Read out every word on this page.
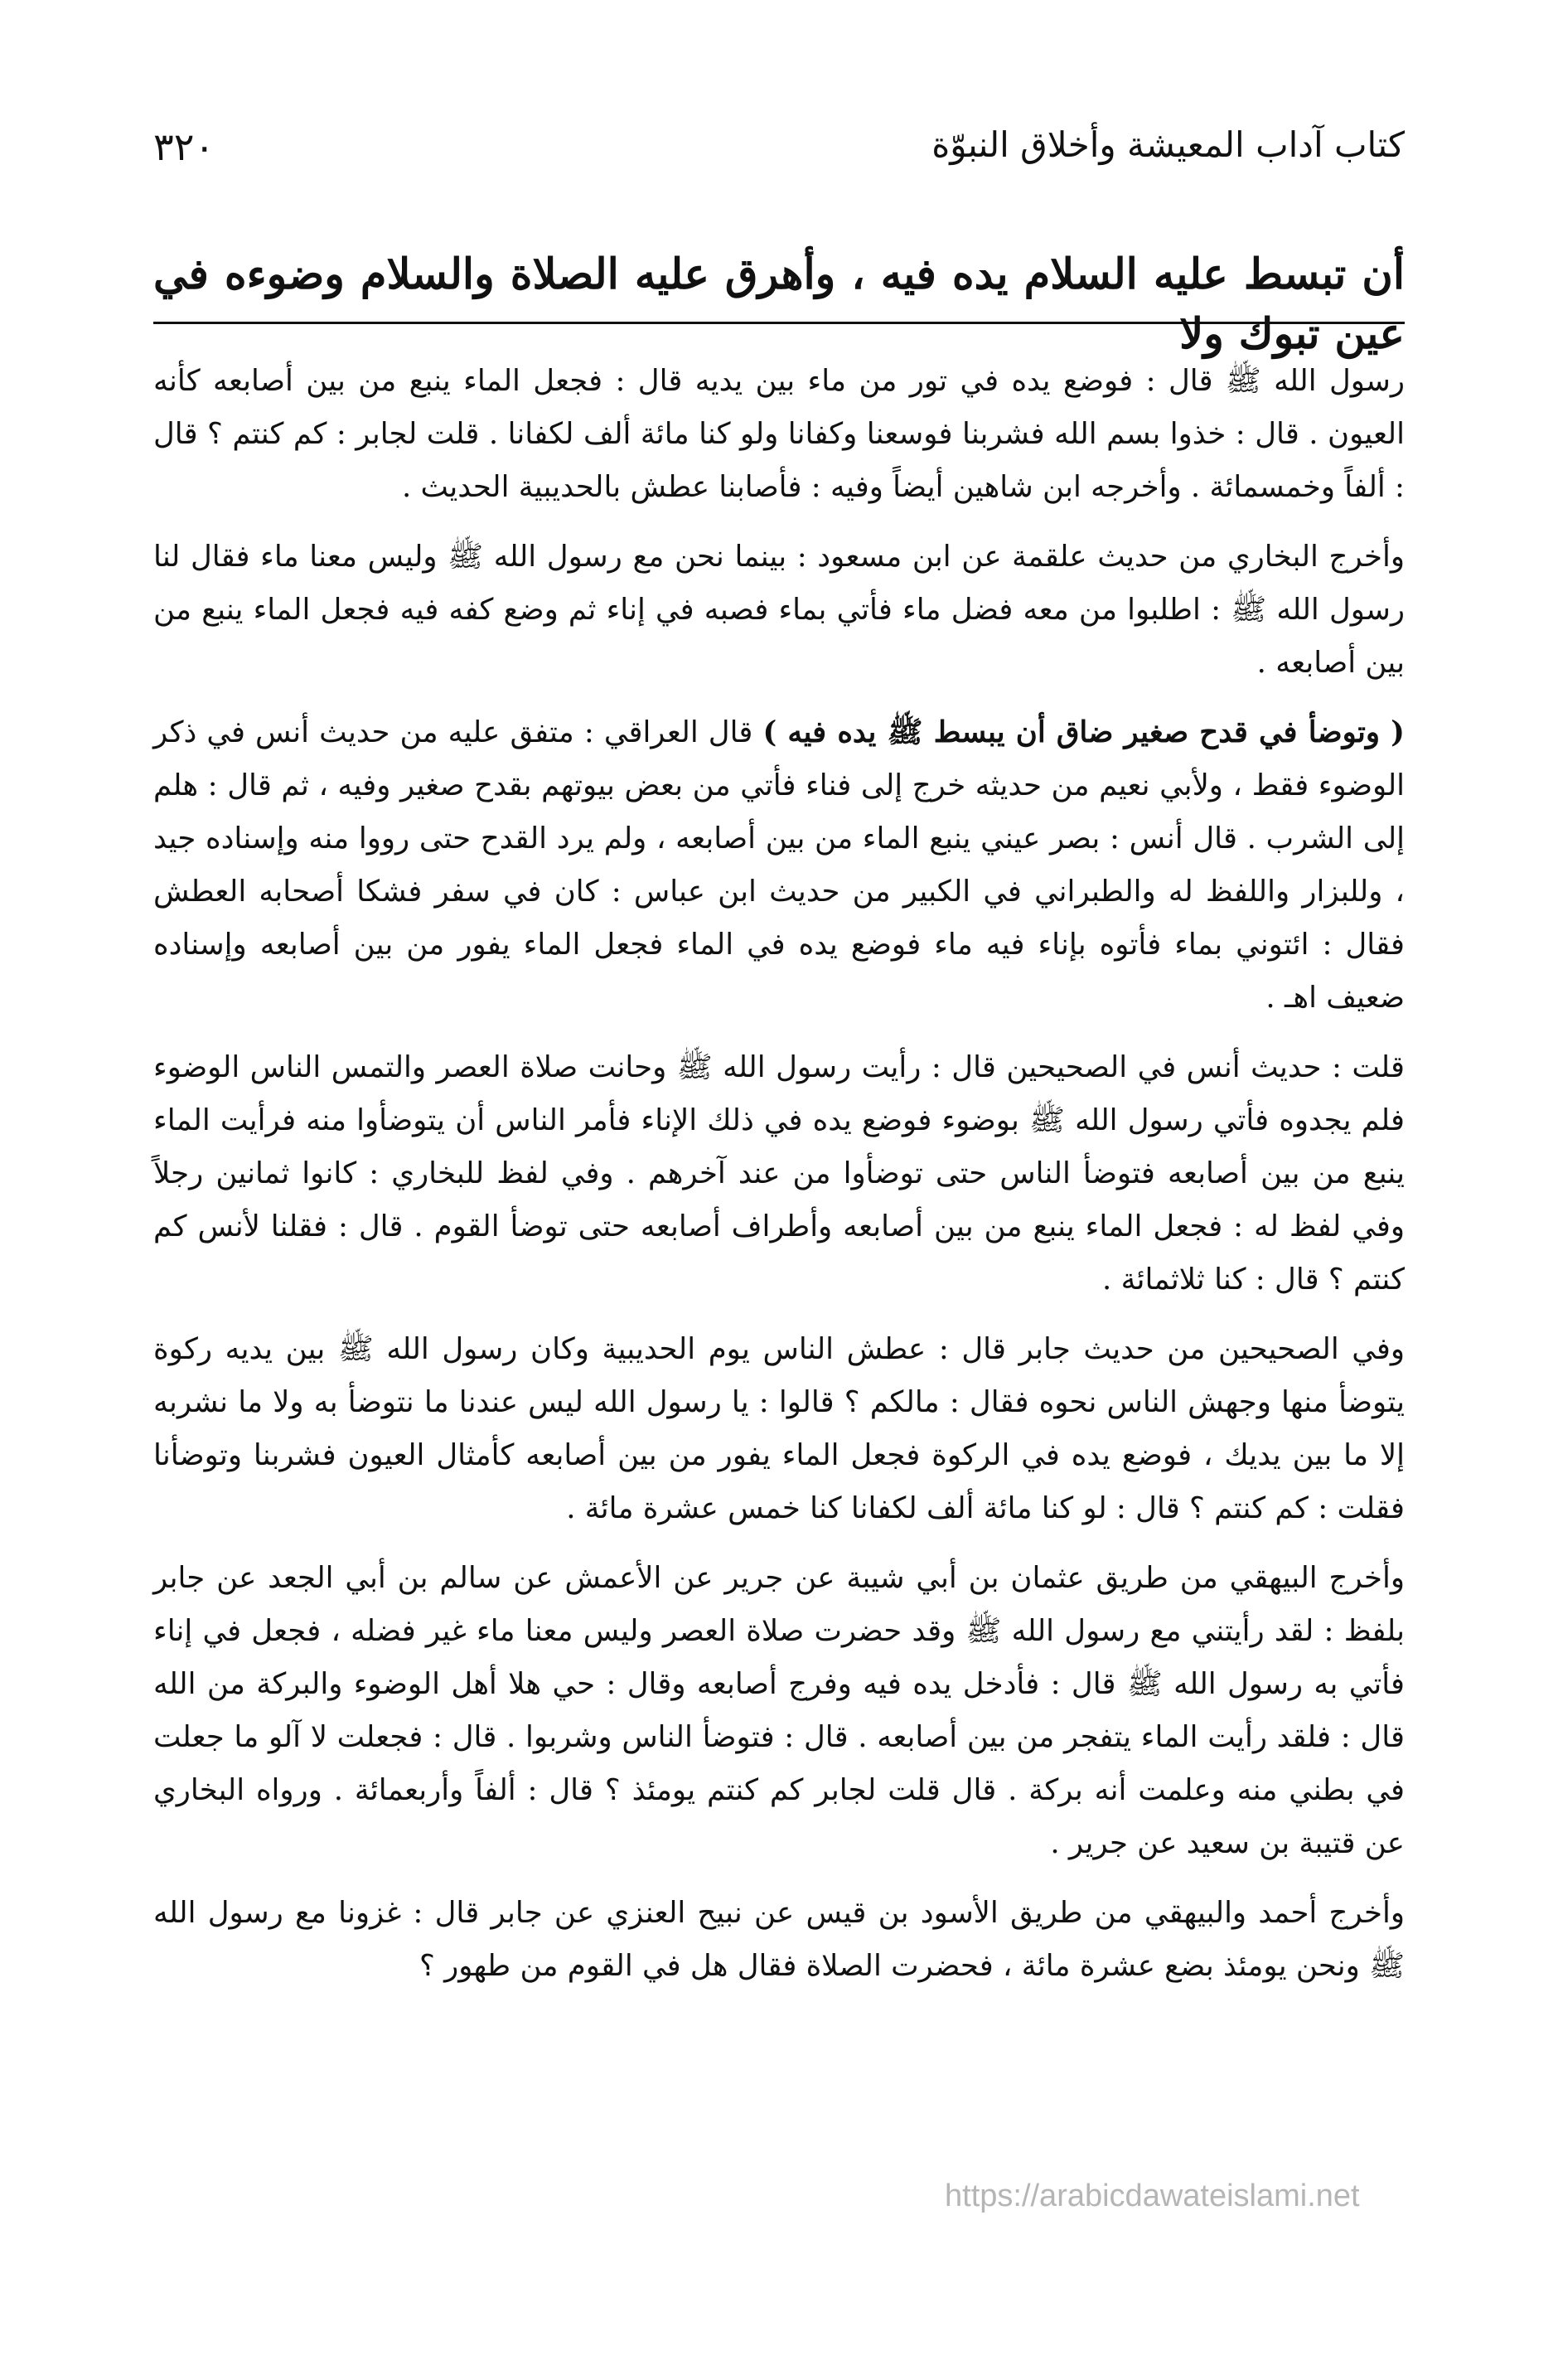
٣٢٠	كتاب آداب المعيشة وأخلاق النبوّة
أن تبسط عليه السلام يده فيه ، وأهرق عليه الصلاة والسلام وضوءه في عين تبوك ولا

رسول الله ﷺ قال : فوضع يده في تور من ماء بين يديه قال : فجعل الماء ينبع من بين أصابعه كأنه العيون . قال : خذوا بسم الله فشربنا فوسعنا وكفانا ولو كنا مائة ألف لكفانا . قلت لجابر : كم كنتم ؟ قال : ألفاً وخمسمائة . وأخرجه ابن شاهين أيضاً وفيه : فأصابنا عطش بالحديبية الحديث .

وأخرج البخاري من حديث علقمة عن ابن مسعود : بينما نحن مع رسول الله ﷺ وليس معنا ماء فقال لنا رسول الله ﷺ : اطلبوا من معه فضل ماء فأتي بماء فصبه في إناء ثم وضع كفه فيه فجعل الماء ينبع من بين أصابعه .

( وتوضأ في قدح صغير ضاق أن يبسط ﷺ يده فيه ) قال العراقي : متفق عليه من حديث أنس في ذكر الوضوء فقط ، ولأبي نعيم من حديثه خرج إلى فناء فأتي من بعض بيوتهم بقدح صغير وفيه ، ثم قال : هلم إلى الشرب . قال أنس : بصر عيني ينبع الماء من بين أصابعه ، ولم يرد القدح حتى رووا منه وإسناده جيد ، وللبزار واللفظ له والطبراني في الكبير من حديث ابن عباس : كان في سفر فشكا أصحابه العطش فقال : ائتوني بماء فأتوه بإناء فيه ماء فوضع يده في الماء فجعل الماء يفور من بين أصابعه وإسناده ضعيف اهـ .

قلت : حديث أنس في الصحيحين قال : رأيت رسول الله ﷺ وحانت صلاة العصر والتمس الناس الوضوء فلم يجدوه فأتي رسول الله ﷺ بوضوء فوضع يده في ذلك الإناء فأمر الناس أن يتوضأوا منه فرأيت الماء ينبع من بين أصابعه فتوضأ الناس حتى توضأوا من عند آخرهم . وفي لفظ للبخاري : كانوا ثمانين رجلاً وفي لفظ له : فجعل الماء ينبع من بين أصابعه وأطراف أصابعه حتى توضأ القوم . قال : فقلنا لأنس كم كنتم ؟ قال : كنا ثلاثمائة .

وفي الصحيحين من حديث جابر قال : عطش الناس يوم الحديبية وكان رسول الله ﷺ بين يديه ركوة يتوضأ منها وجهش الناس نحوه فقال : مالكم ؟ قالوا : يا رسول الله ليس عندنا ما نتوضأ به ولا ما نشربه إلا ما بين يديك ، فوضع يده في الركوة فجعل الماء يفور من بين أصابعه كأمثال العيون فشربنا وتوضأنا فقلت : كم كنتم ؟ قال : لو كنا مائة ألف لكفانا كنا خمس عشرة مائة .

وأخرج البيهقي من طريق عثمان بن أبي شيبة عن جرير عن الأعمش عن سالم بن أبي الجعد عن جابر بلفظ : لقد رأيتني مع رسول الله ﷺ وقد حضرت صلاة العصر وليس معنا ماء غير فضله ، فجعل في إناء فأتي به رسول الله ﷺ قال : فأدخل يده فيه وفرج أصابعه وقال : حي هلا أهل الوضوء والبركة من الله قال : فلقد رأيت الماء يتفجر من بين أصابعه . قال : فتوضأ الناس وشربوا . قال : فجعلت لا آلو ما جعلت في بطني منه وعلمت أنه بركة . قال قلت لجابر كم كنتم يومئذ ؟ قال : ألفاً وأربعمائة . ورواه البخاري عن قتيبة بن سعيد عن جرير .

وأخرج أحمد والبيهقي من طريق الأسود بن قيس عن نبيح العنزي عن جابر قال : غزونا مع رسول الله ﷺ ونحن يومئذ بضع عشرة مائة ، فحضرت الصلاة فقال هل في القوم من طهور ؟

https://arabicdawateislami.net
